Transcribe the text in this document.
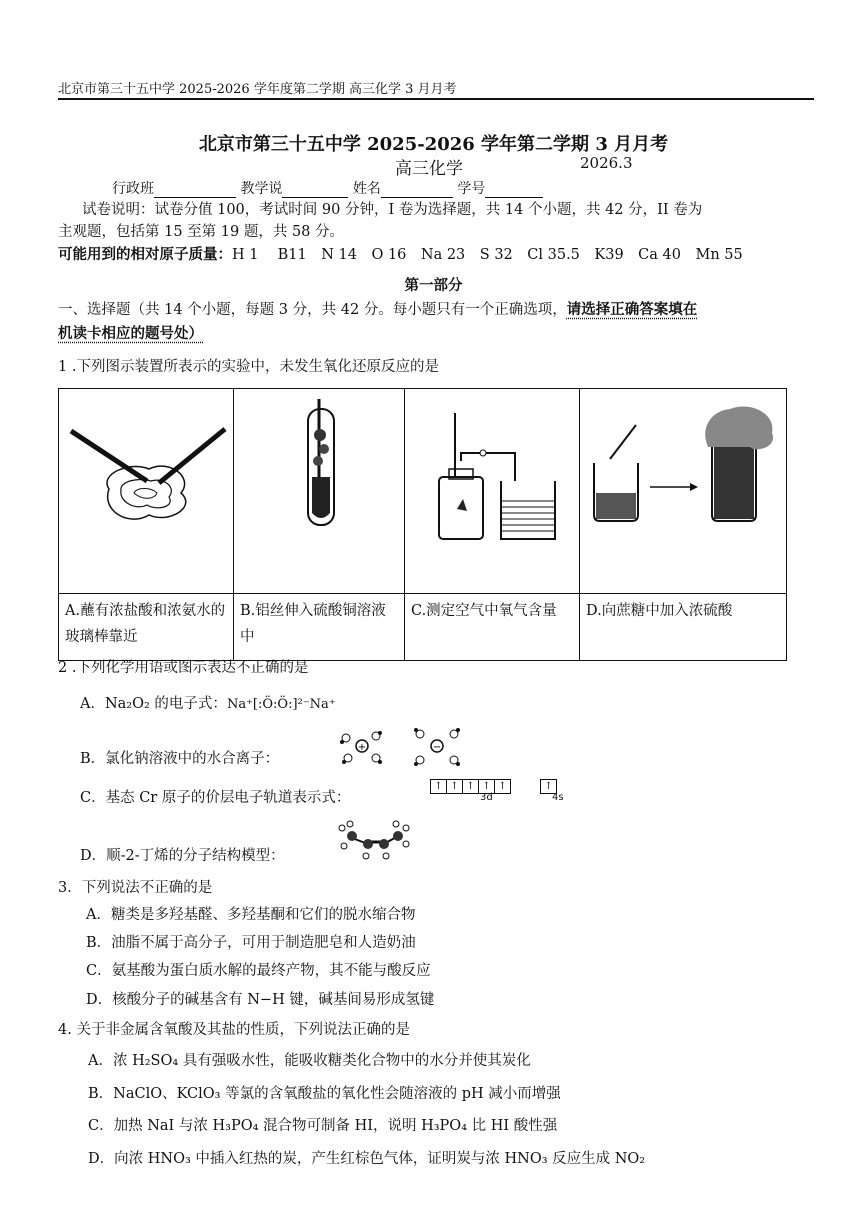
北京市第三十五中学 2025-2026 学年度第二学期 高三化学 3 月月考
北京市第三十五中学 2025-2026 学年第二学期 3 月月考
高三化学	2026.3
行政班	教学说	姓名	学号
试卷说明：试卷分值 100，考试时间 90 分钟，I 卷为选择题，共 14 个小题，共 42 分，II 卷为
主观题，包括第 15 至第 19 题，共 58 分。
可能用到的相对原子质量：H 1　 B11　N 14　O 16　Na 23　S 32　Cl 35.5　K39　Ca 40　Mn 55
第一部分
一、选择题（共 14 个小题，每题 3 分，共 42 分。每小题只有一个正确选项，请选择正确答案填在
机读卡相应的题号处）
1 .下列图示装置所表示的实验中，未发生氧化还原反应的是

A.蘸有浓盐酸和浓氨水的玻璃棒靠近	B.铝丝伸入硫酸铜溶液中	C.测定空气中氧气含量	D.向蔗糖中加入浓硫酸
2 .下列化学用语或图示表达不正确的是
A．Na₂O₂ 的电子式：Na⁺[:Ö:Ö:]²⁻Na⁺
B．氯化钠溶液中的水合离子：
+	−
C．基态 Cr 原子的价层电子轨道表示式：
↑ ↑ ↑ ↑ ↑	↑
3d	4s
D．顺-2-丁烯的分子结构模型：
3．下列说法不正确的是
A．糖类是多羟基醛、多羟基酮和它们的脱水缩合物
B．油脂不属于高分子，可用于制造肥皂和人造奶油
C．氨基酸为蛋白质水解的最终产物，其不能与酸反应
D．核酸分子的碱基含有 N−H 键，碱基间易形成氢键
4. 关于非金属含氧酸及其盐的性质，下列说法正确的是
A．浓 H₂SO₄ 具有强吸水性，能吸收糖类化合物中的水分并使其炭化
B．NaClO、KClO₃ 等氯的含氧酸盐的氧化性会随溶液的 pH 减小而增强
C．加热 NaI 与浓 H₃PO₄ 混合物可制备 HI，说明 H₃PO₄ 比 HI 酸性强
D．向浓 HNO₃ 中插入红热的炭，产生红棕色气体，证明炭与浓 HNO₃ 反应生成 NO₂
